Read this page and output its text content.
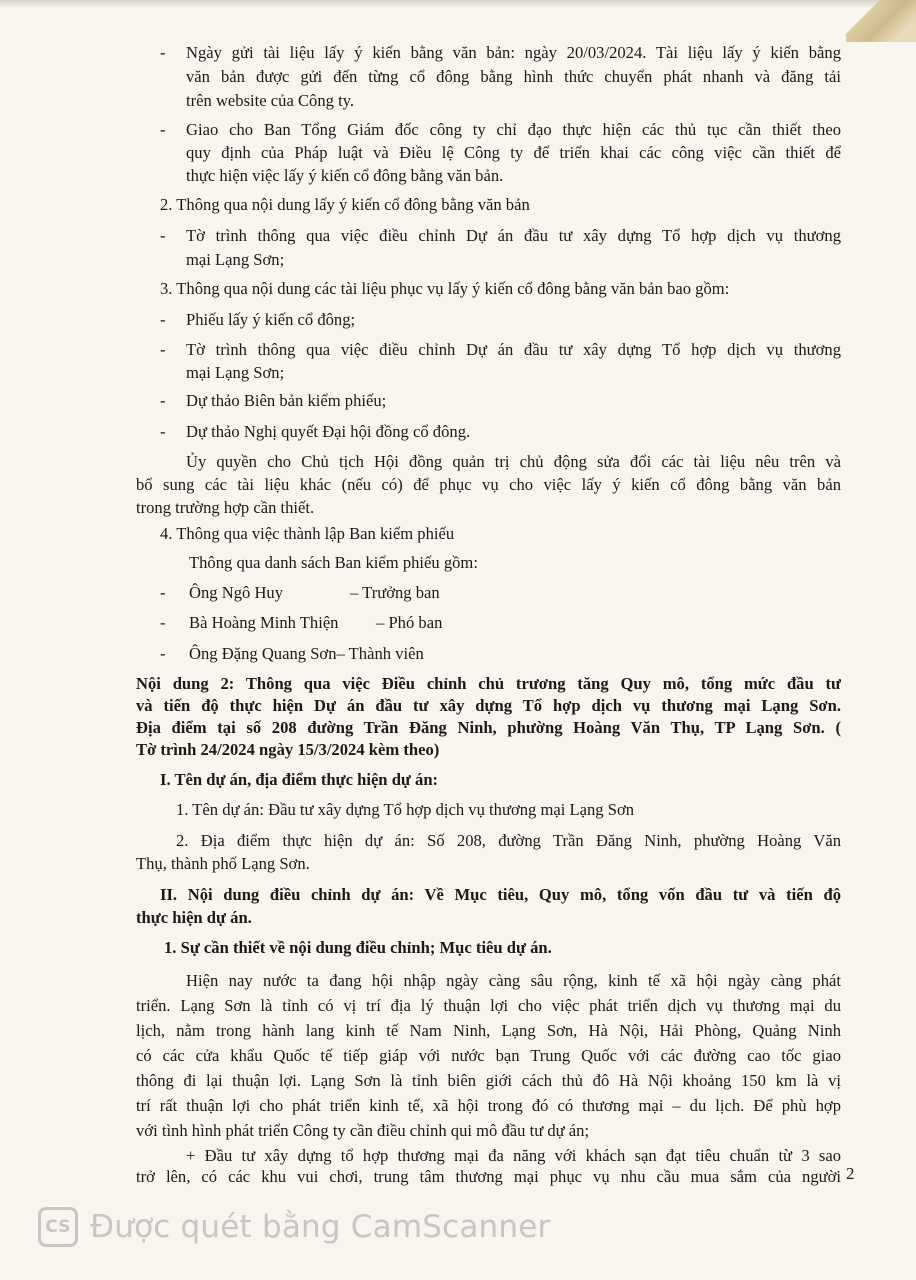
- Ngày gửi tài liệu lấy ý kiến bằng văn bản: ngày 20/03/2024. Tài liệu lấy ý kiến bằng
văn bản được gửi đến từng cổ đông bằng hình thức chuyển phát nhanh và đăng tải
trên website của Công ty.
- Giao cho Ban Tổng Giám đốc công ty chỉ đạo thực hiện các thủ tục cần thiết theo
quy định của Pháp luật và Điều lệ Công ty để triển khai các công việc cần thiết để
thực hiện việc lấy ý kiến cổ đông bằng văn bản.
2. Thông qua nội dung lấy ý kiến cổ đông bằng văn bản
- Tờ trình thông qua việc điều chỉnh Dự án đầu tư xây dựng Tổ hợp dịch vụ thương
mại Lạng Sơn;
3. Thông qua nội dung các tài liệu phục vụ lấy ý kiến cổ đông bằng văn bản bao gồm:
- Phiếu lấy ý kiến cổ đông;
- Tờ trình thông qua việc điều chỉnh Dự án đầu tư xây dựng Tổ hợp dịch vụ thương
mại Lạng Sơn;
- Dự thảo Biên bản kiểm phiếu;
- Dự thảo Nghị quyết Đại hội đồng cổ đông.
Ủy quyền cho Chủ tịch Hội đồng quản trị chủ động sửa đổi các tài liệu nêu trên và
bổ sung các tài liệu khác (nếu có) để phục vụ cho việc lấy ý kiến cổ đông bằng văn bản
trong trường hợp cần thiết.
4. Thông qua việc thành lập Ban kiểm phiếu
Thông qua danh sách Ban kiểm phiếu gồm:
- Ông Ngô Huy	– Trưởng ban
- Bà Hoàng Minh Thiện – Phó ban
- Ông Đặng Quang Sơn– Thành viên
Nội dung 2: Thông qua việc Điều chỉnh chủ trương tăng Quy mô, tổng mức đầu tư
và tiến độ thực hiện Dự án đầu tư xây dựng Tổ hợp dịch vụ thương mại Lạng Sơn.
Địa điểm tại số 208 đường Trần Đăng Ninh, phường Hoàng Văn Thụ, TP Lạng Sơn. (
Tờ trình 24/2024 ngày 15/3/2024 kèm theo)
I. Tên dự án, địa điểm thực hiện dự án:
1. Tên dự án: Đầu tư xây dựng Tổ hợp dịch vụ thương mại Lạng Sơn
2. Địa điểm thực hiện dự án: Số 208, đường Trần Đăng Ninh, phường Hoàng Văn
Thụ, thành phố Lạng Sơn.
II. Nội dung điều chỉnh dự án: Về Mục tiêu, Quy mô, tổng vốn đầu tư và tiến độ
thực hiện dự án.
1. Sự cần thiết về nội dung điều chỉnh; Mục tiêu dự án.
Hiện nay nước ta đang hội nhập ngày càng sâu rộng, kinh tế xã hội ngày càng phát
triển. Lạng Sơn là tỉnh có vị trí địa lý thuận lợi cho việc phát triển dịch vụ thương mại du
lịch, nằm trong hành lang kinh tế Nam Ninh, Lạng Sơn, Hà Nội, Hải Phòng, Quảng Ninh
có các cửa khẩu Quốc tế tiếp giáp với nước bạn Trung Quốc với các đường cao tốc giao
thông đi lại thuận lợi. Lạng Sơn là tỉnh biên giới cách thủ đô Hà Nội khoảng 150 km là vị
trí rất thuận lợi cho phát triển kinh tế, xã hội trong đó có thương mại – du lịch. Để phù hợp
với tình hình phát triển Công ty cần điều chỉnh qui mô đầu tư dự án;
+ Đầu tư xây dựng tổ hợp thương mại đa năng với khách sạn đạt tiêu chuẩn từ 3 sao
trở lên, có các khu vui chơi, trung tâm thương mại phục vụ nhu cầu mua sắm của người 2
CS Được quét bằng CamScanner
